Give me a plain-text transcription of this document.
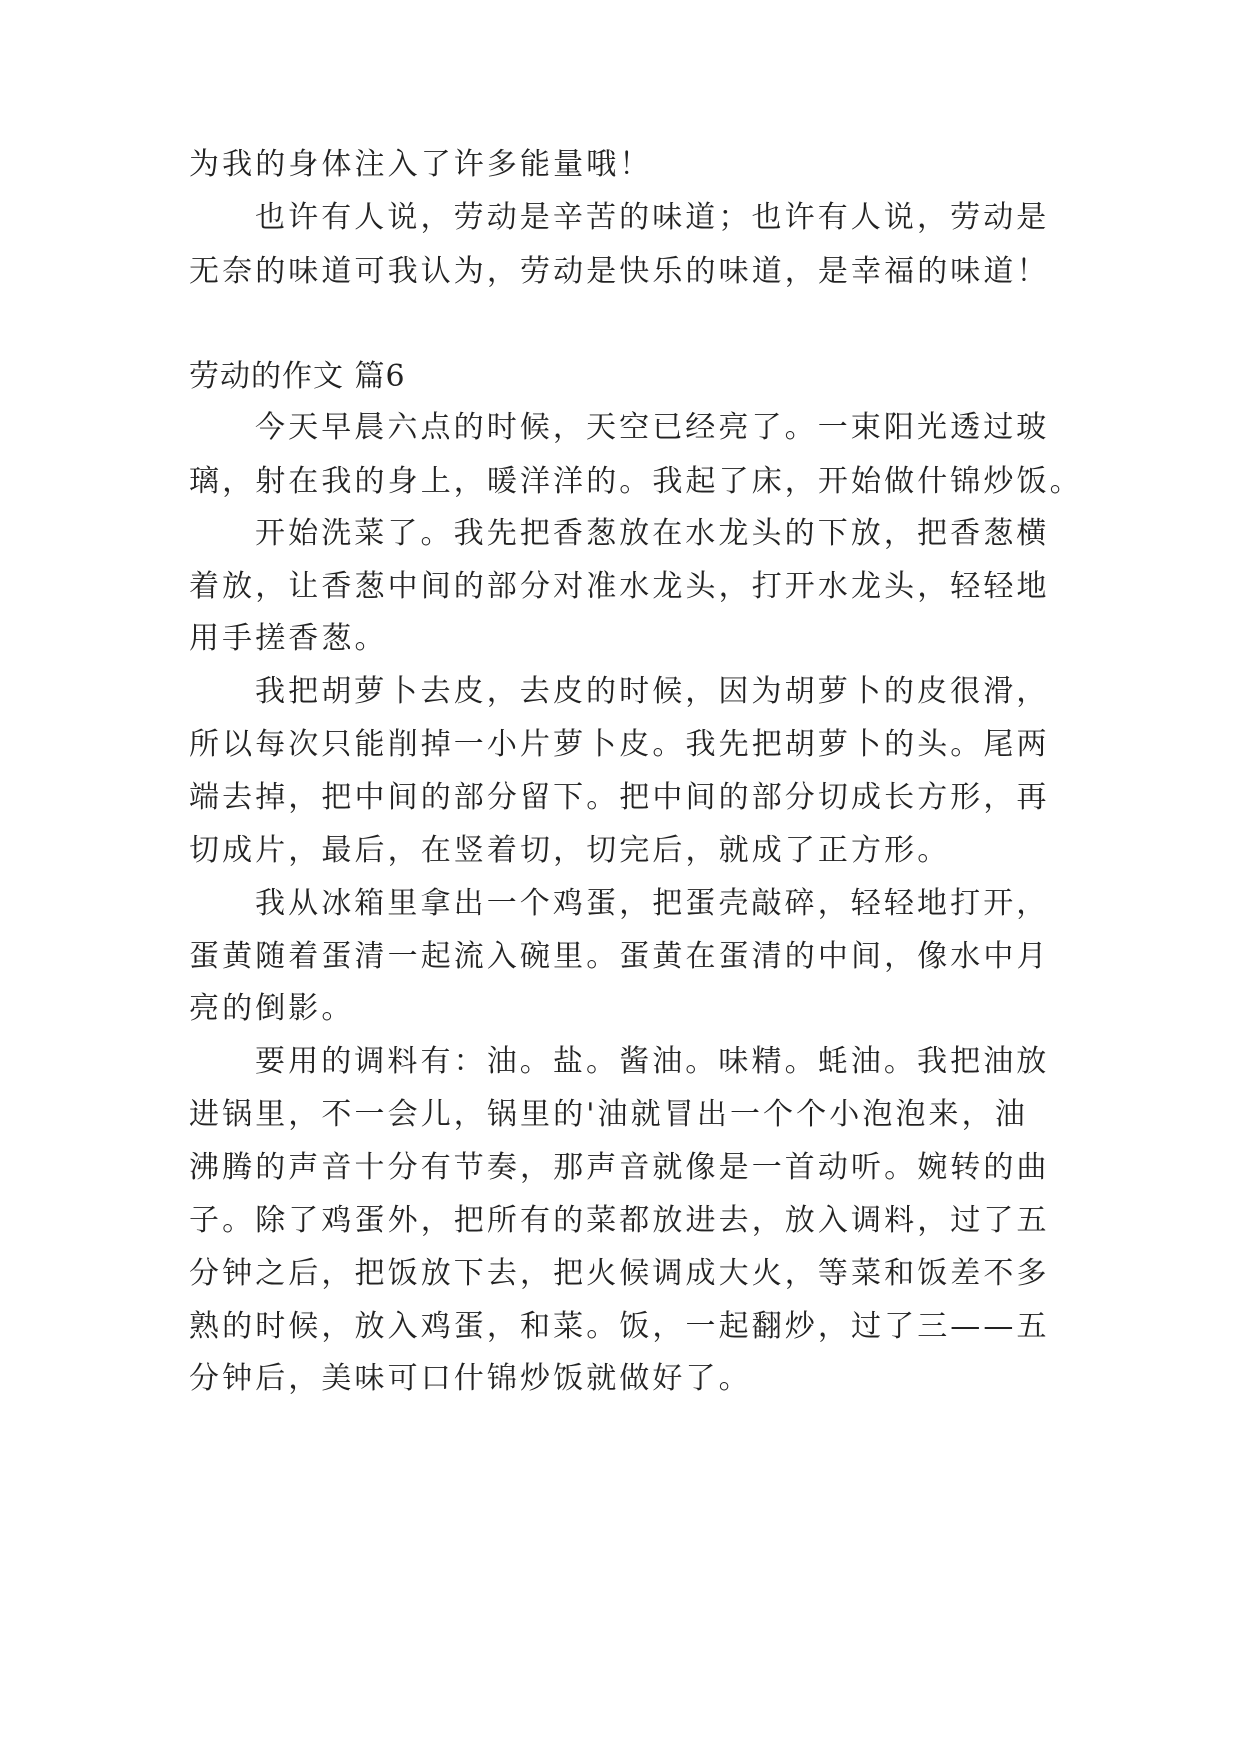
为我的身体注入了许多能量哦！
也许有人说，劳动是辛苦的味道；也许有人说，劳动是
无奈的味道可我认为，劳动是快乐的味道，是幸福的味道！
劳动的作文 篇6
今天早晨六点的时候，天空已经亮了。一束阳光透过玻
璃，射在我的身上，暖洋洋的。我起了床，开始做什锦炒饭。
开始洗菜了。我先把香葱放在水龙头的下放，把香葱横
着放，让香葱中间的部分对准水龙头，打开水龙头，轻轻地
用手搓香葱。
我把胡萝卜去皮，去皮的时候，因为胡萝卜的皮很滑，
所以每次只能削掉一小片萝卜皮。我先把胡萝卜的头。尾两
端去掉，把中间的部分留下。把中间的部分切成长方形，再
切成片，最后，在竖着切，切完后，就成了正方形。
我从冰箱里拿出一个鸡蛋，把蛋壳敲碎，轻轻地打开，
蛋黄随着蛋清一起流入碗里。蛋黄在蛋清的中间，像水中月
亮的倒影。
要用的调料有：油。盐。酱油。味精。蚝油。我把油放
进锅里，不一会儿，锅里的'油就冒出一个个小泡泡来，油
沸腾的声音十分有节奏，那声音就像是一首动听。婉转的曲
子。除了鸡蛋外，把所有的菜都放进去，放入调料，过了五
分钟之后，把饭放下去，把火候调成大火，等菜和饭差不多
熟的时候，放入鸡蛋，和菜。饭，一起翻炒，过了三——五
分钟后，美味可口什锦炒饭就做好了。
